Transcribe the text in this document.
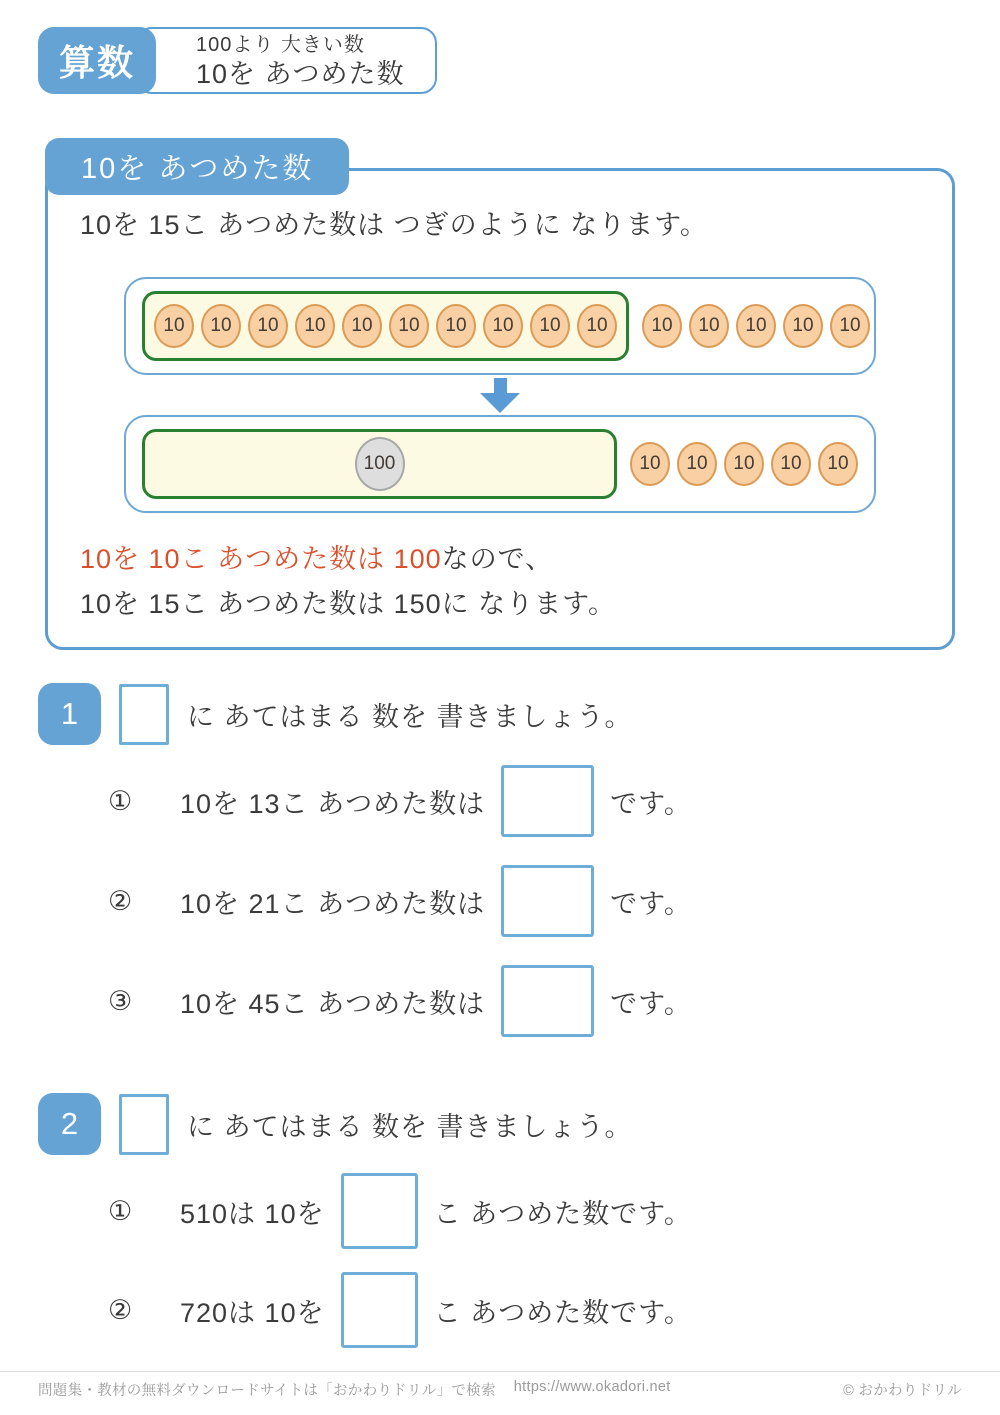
算数	100より 大きい数
10を あつめた数
10を あつめた数
10を 15こ あつめた数は つぎのように なります。
10	10	10	10	10	10	10	10	10	10	10	10	10	10	10
100	10	10	10	10	10
10を 10こ あつめた数は 100なので、
10を 15こ あつめた数は 150に なります。
1	に あてはまる 数を 書きましょう。
①	10を 13こ あつめた数は	です。
②	10を 21こ あつめた数は	です。
③	10を 45こ あつめた数は	です。
2	に あてはまる 数を 書きましょう。
①	510は 10を	こ あつめた数です。
②	720は 10を	こ あつめた数です。
問題集・教材の無料ダウンロードサイトは「おかわりドリル」で検索 https://www.okadori.net	© おかわりドリル
